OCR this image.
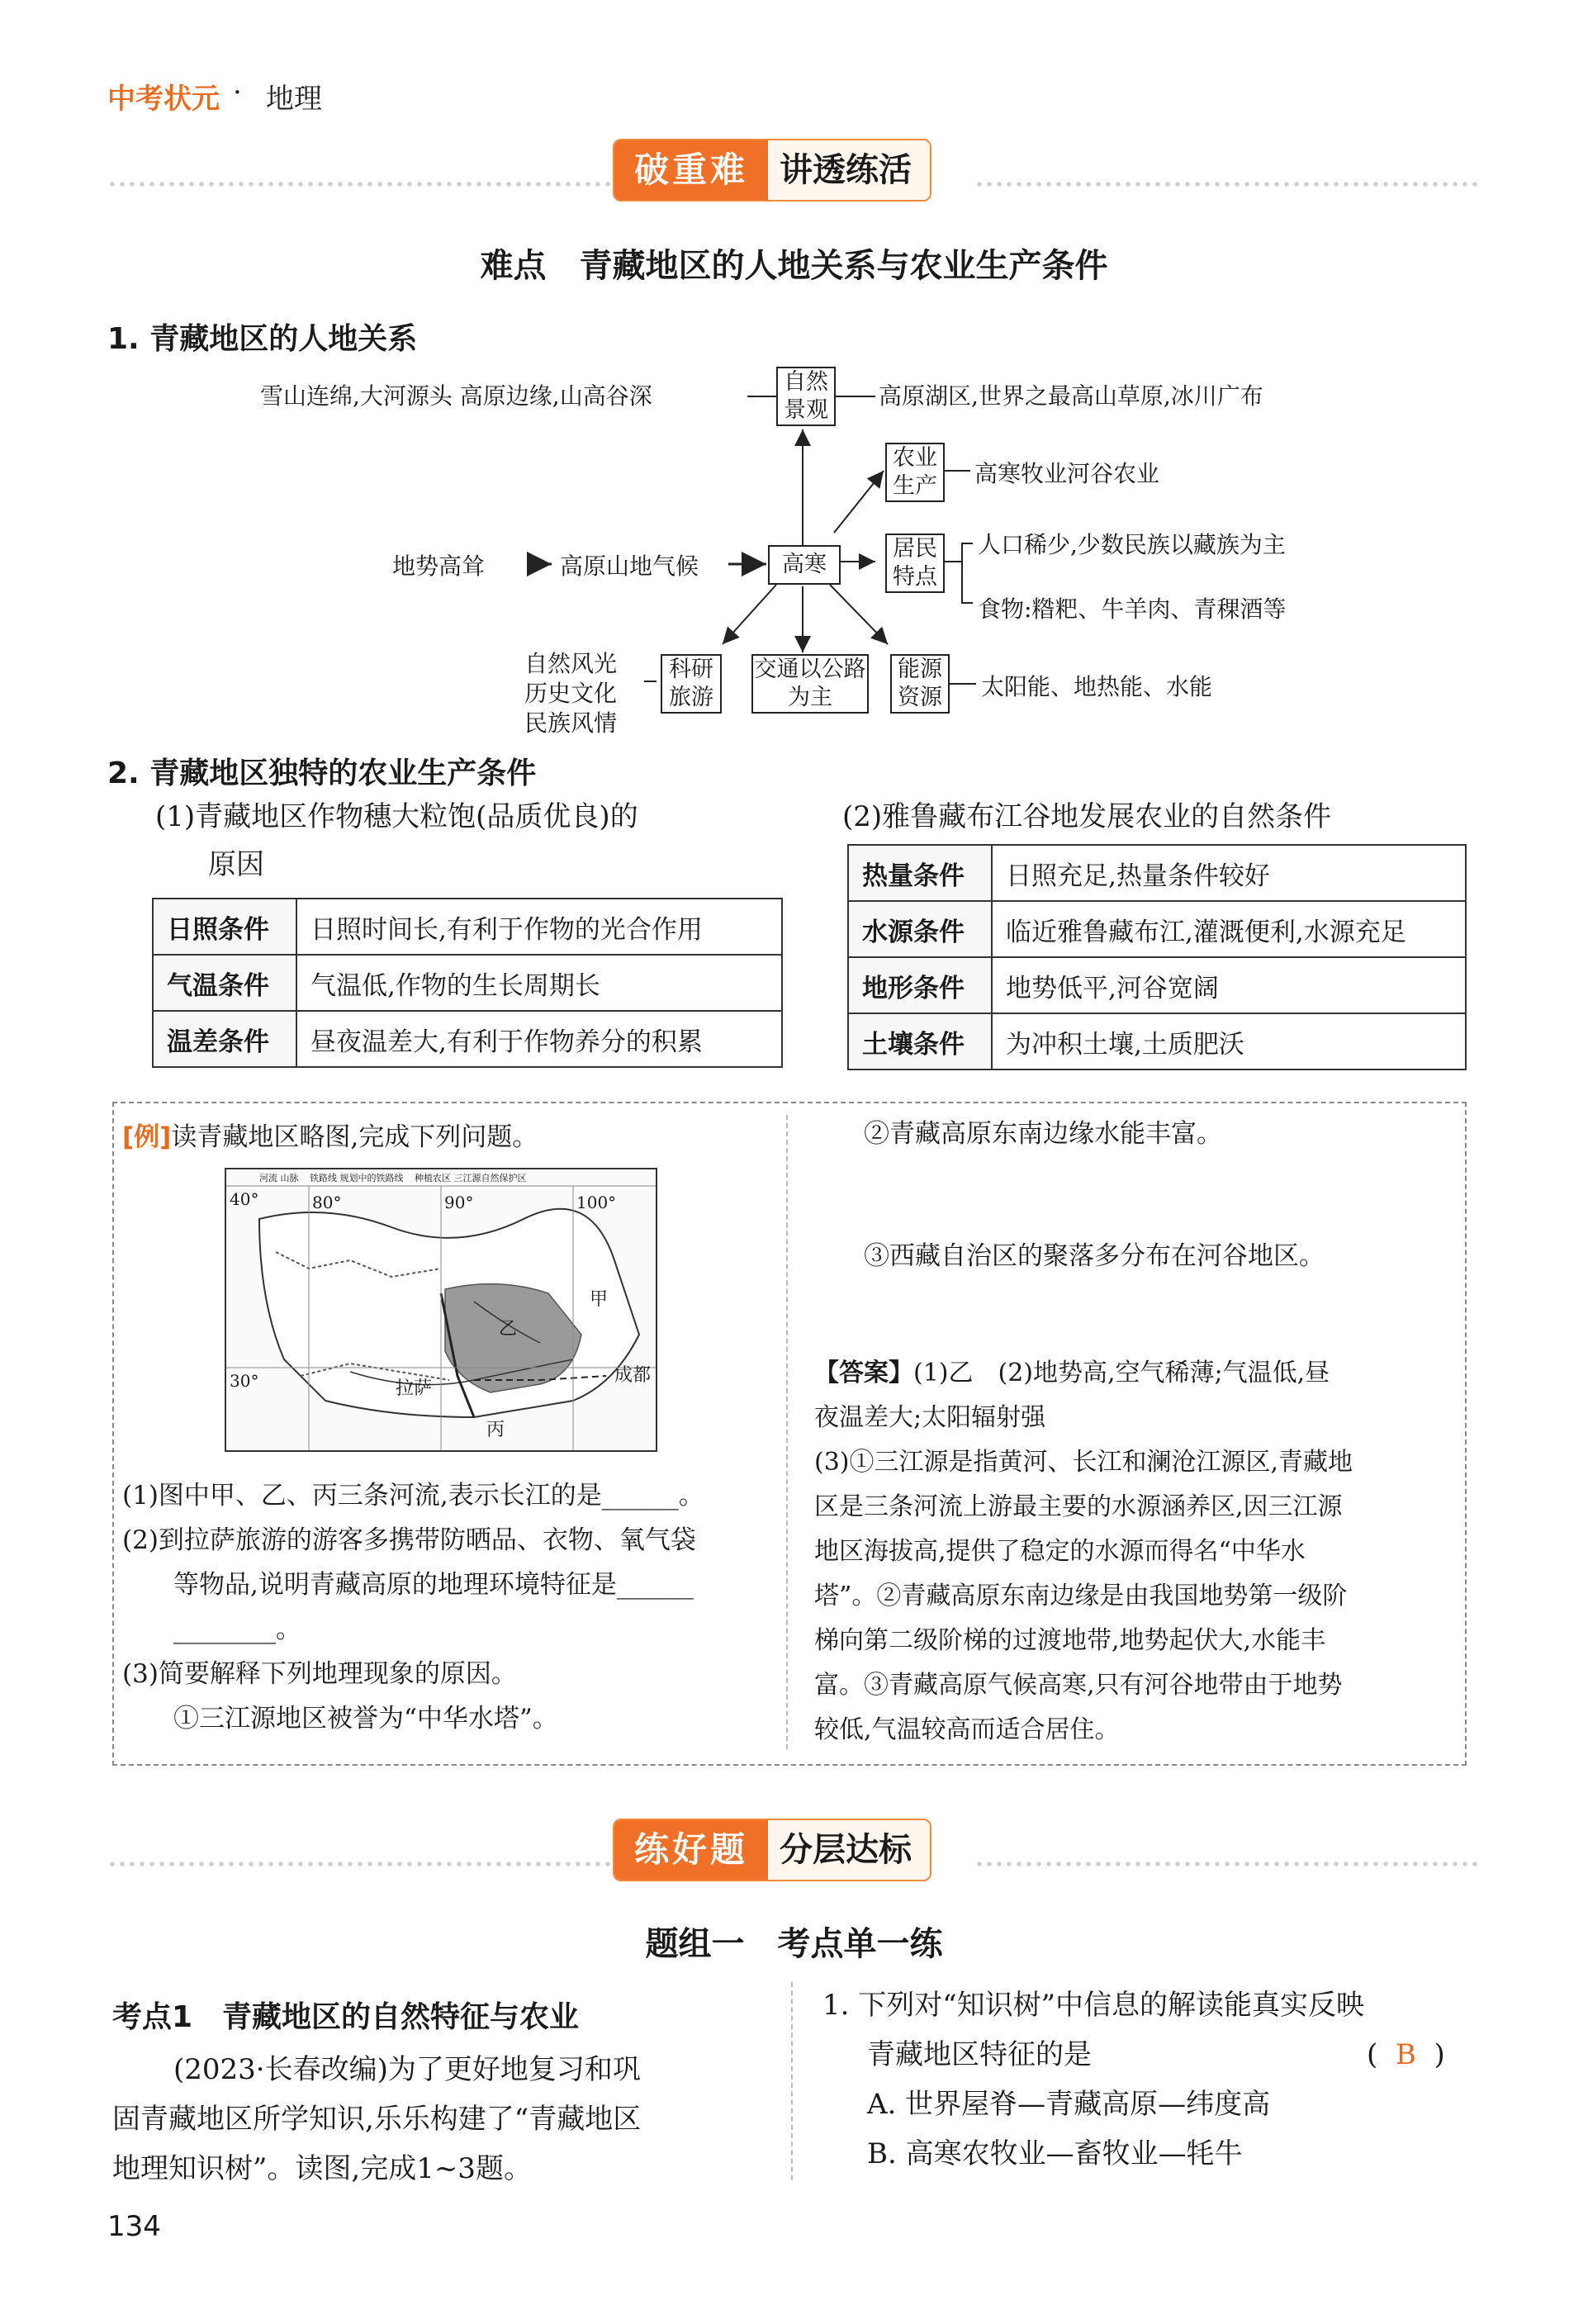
中考状元 · 地理
破重难 讲透练活
难点　青藏地区的人地关系与农业生产条件
1. 青藏地区的人地关系
雪山连绵,大河源头 高原边缘,山高谷深
自然景观
高原湖区,世界之最高山草原,冰川广布
农业生产	高寒牧业河谷农业
地势高耸	高原山地气候	高寒
居民特点
人口稀少,少数民族以藏族为主
食物:糌粑、牛羊肉、青稞酒等
自然风光
历史文化
民族风情
科研旅游
交通以公路为主
能源资源	太阳能、地热能、水能
2. 青藏地区独特的农业生产条件
(1)青藏地区作物穗大粒饱(品质优良)的
原因
(2)雅鲁藏布江谷地发展农业的自然条件
日照条件	日照时间长,有利于作物的光合作用
气温条件	气温低,作物的生长周期长
温差条件	昼夜温差大,有利于作物养分的积累
热量条件	日照充足,热量条件较好
水源条件	临近雅鲁藏布江,灌溉便利,水源充足
地形条件	地势低平,河谷宽阔
土壤条件	为冲积土壤,土质肥沃
[例]读青藏地区略图,完成下列问题。
河流 山脉 铁路线 规划中的铁路线 种植农区 三江源自然保护区
80°	90°	100°
40°
30°	拉萨
成都
甲
乙
丙
(1)图中甲、乙、丙三条河流,表示长江的是______。
(2)到拉萨旅游的游客多携带防晒品、衣物、氧气袋
等物品,说明青藏高原的地理环境特征是______
________。
(3)简要解释下列地理现象的原因。
①三江源地区被誉为“中华水塔”。
②青藏高原东南边缘水能丰富。
③西藏自治区的聚落多分布在河谷地区。
【答案】(1)乙　(2)地势高,空气稀薄;气温低,昼
夜温差大;太阳辐射强
(3)①三江源是指黄河、长江和澜沧江源区,青藏地
区是三条河流上游最主要的水源涵养区,因三江源
地区海拔高,提供了稳定的水源而得名“中华水
塔”。②青藏高原东南边缘是由我国地势第一级阶
梯向第二级阶梯的过渡地带,地势起伏大,水能丰
富。③青藏高原气候高寒,只有河谷地带由于地势
较低,气温较高而适合居住。
练好题 分层达标
题组一　考点单一练
考点1　青藏地区的自然特征与农业
(2023·长春改编)为了更好地复习和巩
固青藏地区所学知识,乐乐构建了“青藏地区
地理知识树”。读图,完成1~3题。
1. 下列对“知识树”中信息的解读能真实反映
青藏地区特征的是	( B )
A. 世界屋脊—青藏高原—纬度高
B. 高寒农牧业—畜牧业—牦牛
134
